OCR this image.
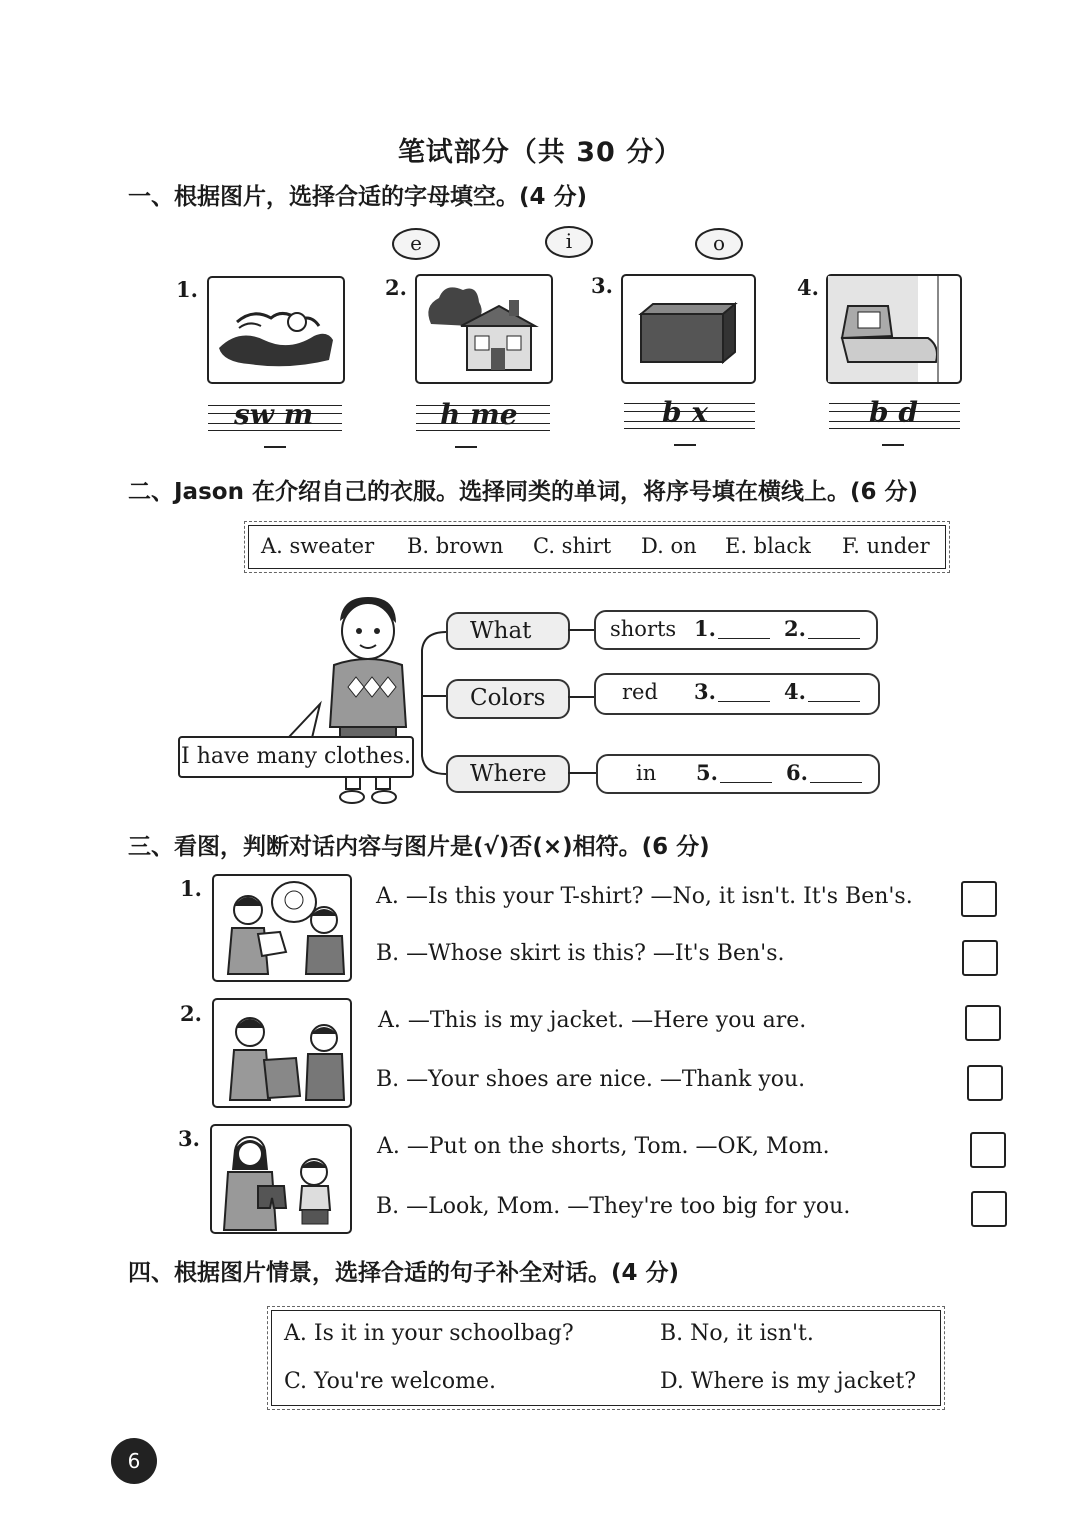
笔试部分（共 30 分）
一、根据图片，选择合适的字母填空。(4 分)
e	i	o
1.
sw m
2.
h me
3.
b x
4.
b d
二、Jason 在介绍自己的衣服。选择同类的单词，将序号填在横线上。(6 分)
A. sweater B. brown C. shirt D. on E. black F. under
I have many clothes.
What	shorts 1.	2.
Colors	red 3.	4.
Where	in 5.	6.
三、看图，判断对话内容与图片是(√)否(×)相符。(6 分)
1.	A. —Is this your T-shirt? —No, it isn't. It's Ben's.
B. —Whose skirt is this? —It's Ben's.
2.	A. —This is my jacket. —Here you are.
B. —Your shoes are nice. —Thank you.
3.	A. —Put on the shorts, Tom. —OK, Mom.
B. —Look, Mom. —They're too big for you.
四、根据图片情景，选择合适的句子补全对话。(4 分)
A. Is it in your schoolbag?	B. No, it isn't.
C. You're welcome.	D. Where is my jacket?
6
